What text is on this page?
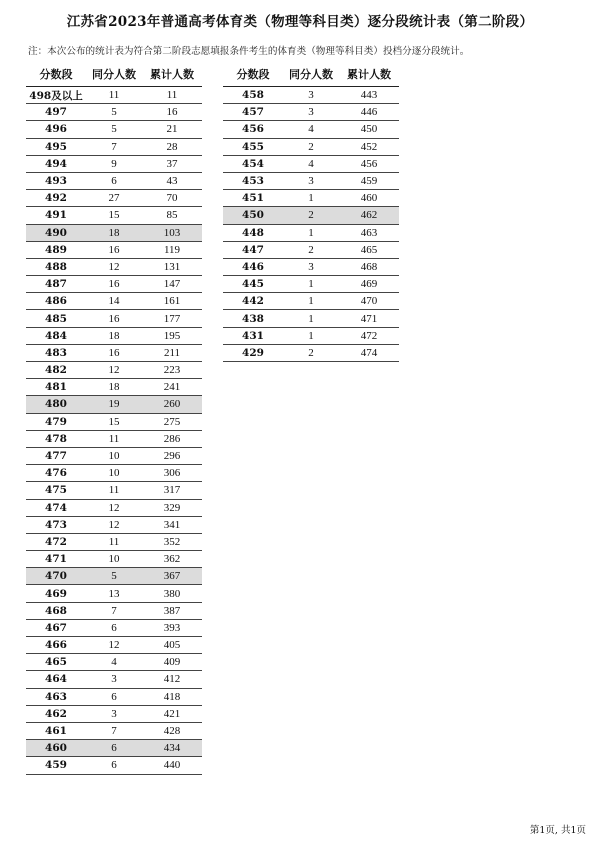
江苏省2023年普通高考体育类（物理等科目类）逐分段统计表（第二阶段）
注：本次公布的统计表为符合第二阶段志愿填报条件考生的体育类（物理等科目类）投档分逐分段统计。
分数段	同分人数	累计人数
498及以上	11	11
497	5	16
496	5	21
495	7	28
494	9	37
493	6	43
492	27	70
491	15	85
490	18	103
489	16	119
488	12	131
487	16	147
486	14	161
485	16	177
484	18	195
483	16	211
482	12	223
481	18	241
480	19	260
479	15	275
478	11	286
477	10	296
476	10	306
475	11	317
474	12	329
473	12	341
472	11	352
471	10	362
470	5	367
469	13	380
468	7	387
467	6	393
466	12	405
465	4	409
464	3	412
463	6	418
462	3	421
461	7	428
460	6	434
459	6	440
分数段	同分人数	累计人数
458	3	443
457	3	446
456	4	450
455	2	452
454	4	456
453	3	459
451	1	460
450	2	462
448	1	463
447	2	465
446	3	468
445	1	469
442	1	470
438	1	471
431	1	472
429	2	474
第1页, 共1页
